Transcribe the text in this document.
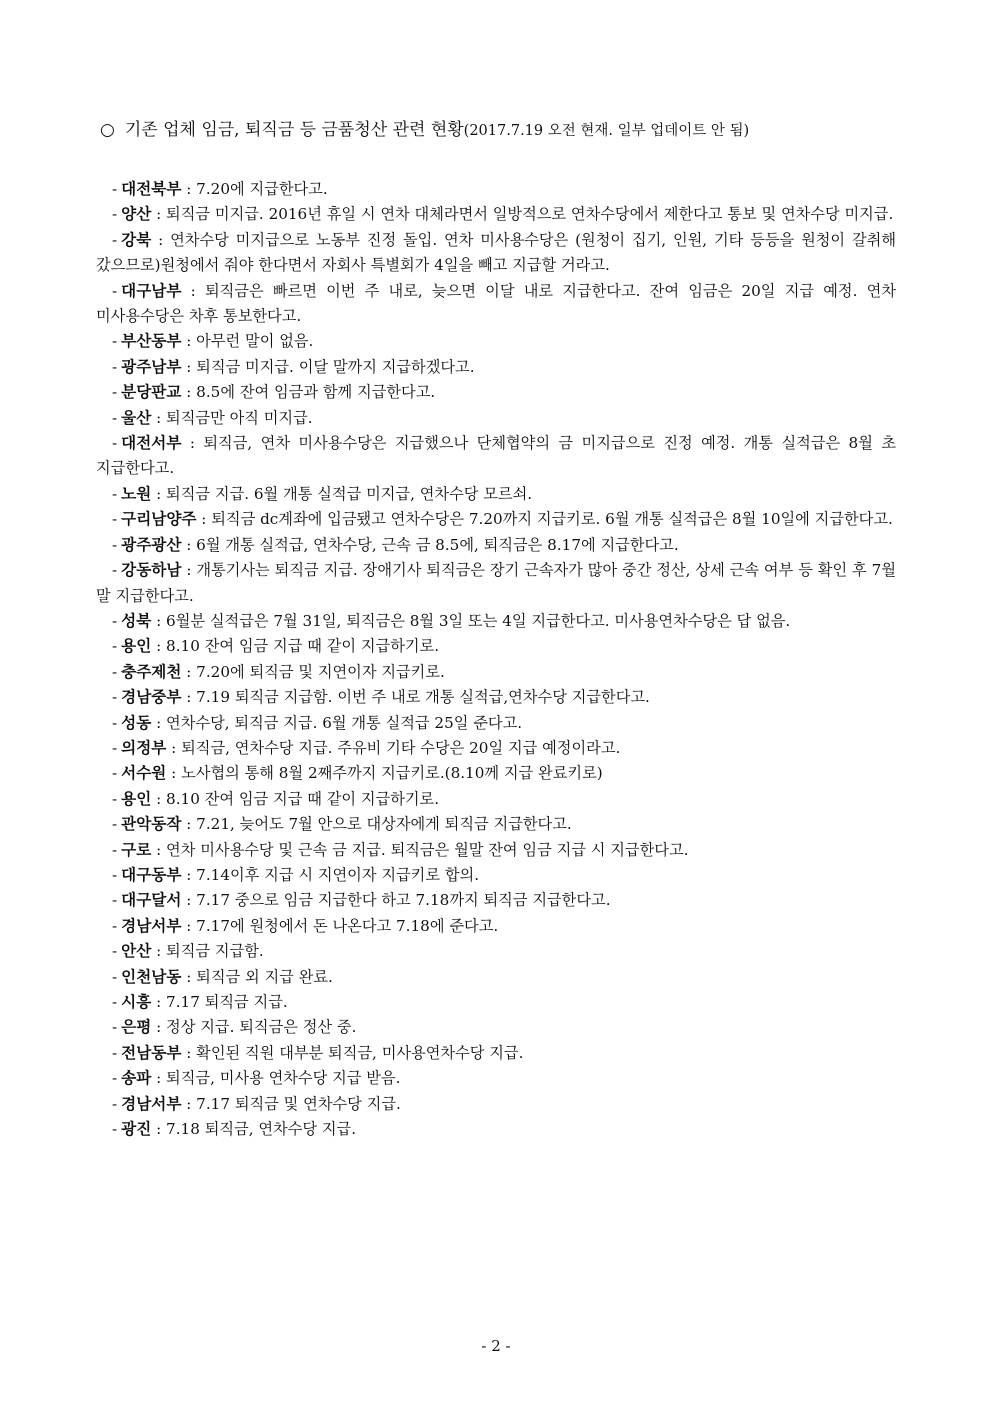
○ 기존 업체 임금, 퇴직금 등 금품청산 관련 현황(2017.7.19 오전 현재. 일부 업데이트 안 됨)
- 대전북부 : 7.20에 지급한다고.
- 양산 : 퇴직금 미지급. 2016년 휴일 시 연차 대체라면서 일방적으로 연차수당에서 제한다고 통보 및 연차수당 미지급.
- 강북 : 연차수당 미지급으로 노동부 진정 돌입. 연차 미사용수당은 (원청이 집기, 인원, 기타 등등을 원청이 갈취해 갔으므로)원청에서 줘야 한다면서 자회사 특별회가 4일을 빼고 지급할 거라고.
- 대구남부 : 퇴직금은 빠르면 이번 주 내로, 늦으면 이달 내로 지급한다고. 잔여 임금은 20일 지급 예정. 연차 미사용수당은 차후 통보한다고.
- 부산동부 : 아무런 말이 없음.
- 광주남부 : 퇴직금 미지급. 이달 말까지 지급하겠다고.
- 분당판교 : 8.5에 잔여 임금과 함께 지급한다고.
- 울산 : 퇴직금만 아직 미지급.
- 대전서부 : 퇴직금, 연차 미사용수당은 지급했으나 단체협약의 금 미지급으로 진정 예정. 개통 실적급은 8월 초 지급한다고.
- 노원 : 퇴직금 지급. 6월 개통 실적급 미지급, 연차수당 모르쇠.
- 구리남양주 : 퇴직금 dc계좌에 입금됐고 연차수당은 7.20까지 지급키로. 6월 개통 실적급은 8월 10일에 지급한다고.
- 광주광산 : 6월 개통 실적급, 연차수당, 근속 금 8.5에, 퇴직금은 8.17에 지급한다고.
- 강동하남 : 개통기사는 퇴직금 지급. 장애기사 퇴직금은 장기 근속자가 많아 중간 정산, 상세 근속 여부 등 확인 후 7월 말 지급한다고.
- 성북 : 6월분 실적급은 7월 31일, 퇴직금은 8월 3일 또는 4일 지급한다고. 미사용연차수당은 답 없음.
- 용인 : 8.10 잔여 임금 지급 때 같이 지급하기로.
- 충주제천 : 7.20에 퇴직금 및 지연이자 지급키로.
- 경남중부 : 7.19 퇴직금 지급함. 이번 주 내로 개통 실적급,연차수당 지급한다고.
- 성동 : 연차수당, 퇴직금 지급. 6월 개통 실적급 25일 준다고.
- 의정부 : 퇴직금, 연차수당 지급. 주유비 기타 수당은 20일 지급 예정이라고.
- 서수원 : 노사협의 통해 8월 2째주까지 지급키로.(8.10께 지급 완료키로)
- 용인 : 8.10 잔여 임금 지급 때 같이 지급하기로.
- 관악동작 : 7.21, 늦어도 7월 안으로 대상자에게 퇴직금 지급한다고.
- 구로 : 연차 미사용수당 및 근속 금 지급. 퇴직금은 월말 잔여 임금 지급 시 지급한다고.
- 대구동부 : 7.14이후 지급 시 지연이자 지급키로 합의.
- 대구달서 : 7.17 중으로 임금 지급한다 하고 7.18까지 퇴직금 지급한다고.
- 경남서부 : 7.17에 원청에서 돈 나온다고 7.18에 준다고.
- 안산 : 퇴직금 지급함.
- 인천남동 : 퇴직금 외 지급 완료.
- 시흥 : 7.17 퇴직금 지급.
- 은평 : 정상 지급. 퇴직금은 정산 중.
- 전남동부 : 확인된 직원 대부분 퇴직금, 미사용연차수당 지급.
- 송파 : 퇴직금, 미사용 연차수당 지급 받음.
- 경남서부 : 7.17 퇴직금 및 연차수당 지급.
- 광진 : 7.18 퇴직금, 연차수당 지급.
- 2 -
